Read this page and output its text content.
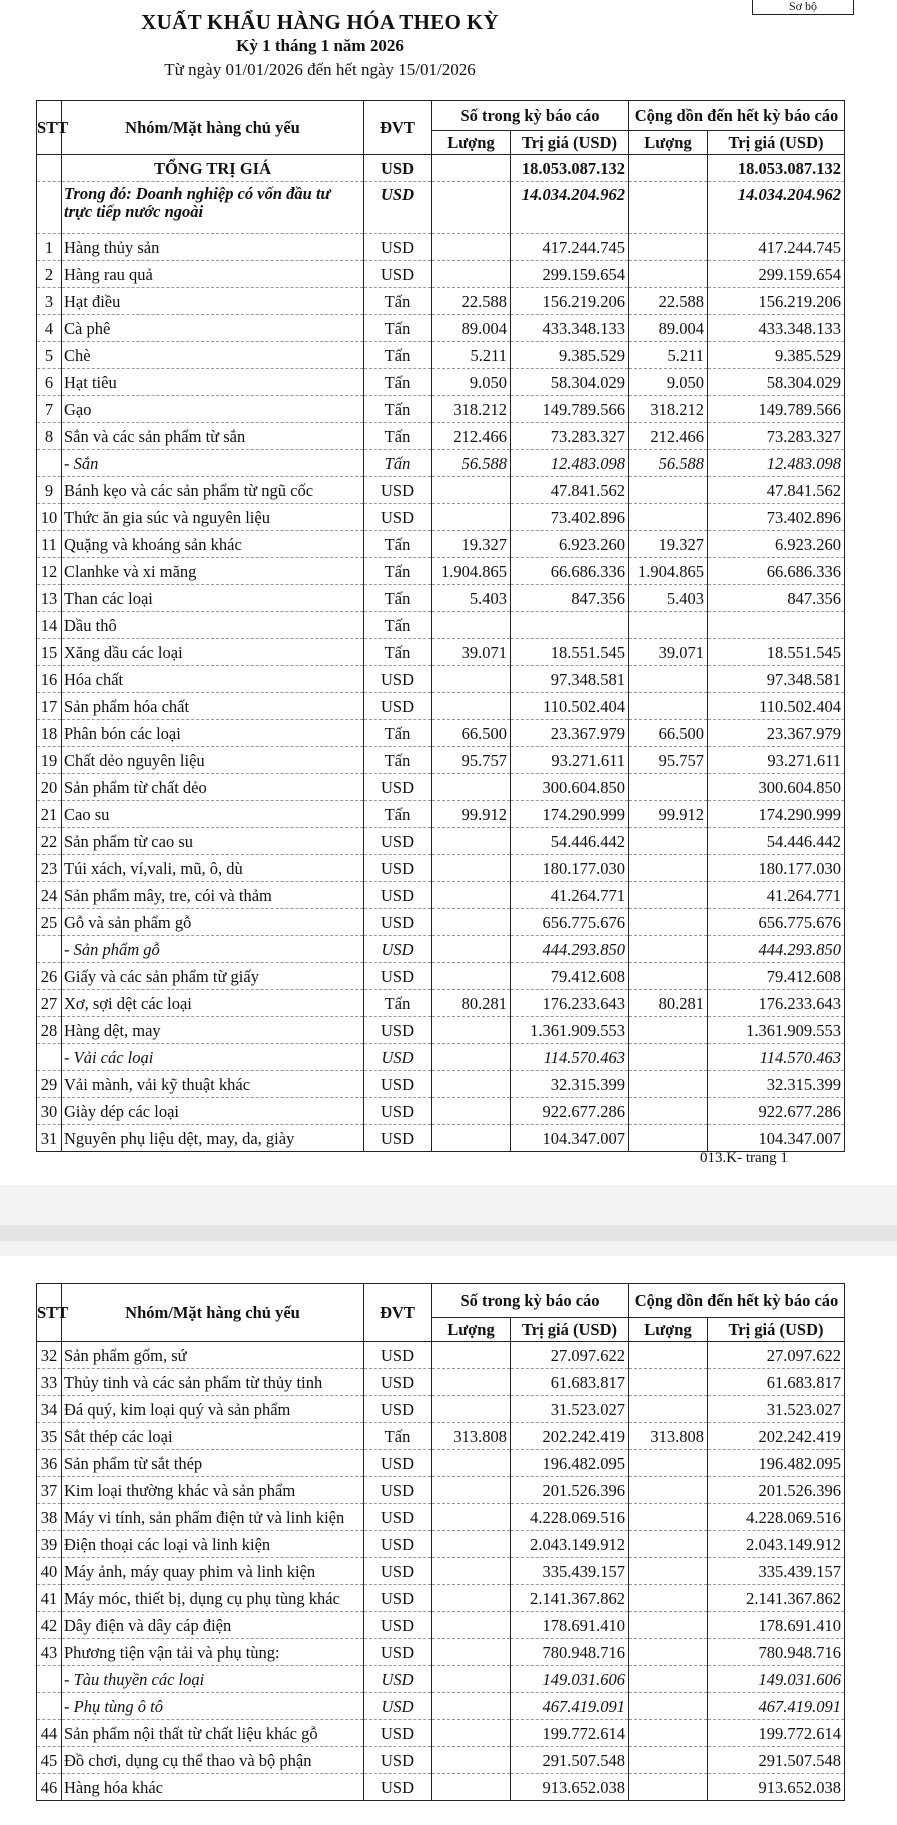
XUẤT KHẨU HÀNG HÓA THEO KỲ
Sơ bộ
Kỳ 1 tháng 1 năm 2026
Từ ngày 01/01/2026 đến hết ngày 15/01/2026
STT	Nhóm/Mặt hàng chủ yếu	ĐVT	Số trong kỳ báo cáo		Cộng dồn đến hết kỳ báo cáo	
			Lượng	Trị giá (USD)	Lượng	Trị giá (USD)
	TỔNG TRỊ GIÁ	USD		18.053.087.132		18.053.087.132
	Trong đó: Doanh nghiệp có vốn đầu tư trực tiếp nước ngoài	USD		14.034.204.962		14.034.204.962
1	Hàng thủy sản	USD		417.244.745		417.244.745
2	Hàng rau quả	USD		299.159.654		299.159.654
3	Hạt điều	Tấn	22.588	156.219.206	22.588	156.219.206
4	Cà phê	Tấn	89.004	433.348.133	89.004	433.348.133
5	Chè	Tấn	5.211	9.385.529	5.211	9.385.529
6	Hạt tiêu	Tấn	9.050	58.304.029	9.050	58.304.029
7	Gạo	Tấn	318.212	149.789.566	318.212	149.789.566
8	Sắn và các sản phẩm từ sắn	Tấn	212.466	73.283.327	212.466	73.283.327
	- Sắn	Tấn	56.588	12.483.098	56.588	12.483.098
9	Bánh kẹo và các sản phẩm từ ngũ cốc	USD		47.841.562		47.841.562
10	Thức ăn gia súc và nguyên liệu	USD		73.402.896		73.402.896
11	Quặng và khoáng sản khác	Tấn	19.327	6.923.260	19.327	6.923.260
12	Clanhke và xi măng	Tấn	1.904.865	66.686.336	1.904.865	66.686.336
13	Than các loại	Tấn	5.403	847.356	5.403	847.356
14	Dầu thô	Tấn				
15	Xăng dầu các loại	Tấn	39.071	18.551.545	39.071	18.551.545
16	Hóa chất	USD		97.348.581		97.348.581
17	Sản phẩm hóa chất	USD		110.502.404		110.502.404
18	Phân bón các loại	Tấn	66.500	23.367.979	66.500	23.367.979
19	Chất dẻo nguyên liệu	Tấn	95.757	93.271.611	95.757	93.271.611
20	Sản phẩm từ chất dẻo	USD		300.604.850		300.604.850
21	Cao su	Tấn	99.912	174.290.999	99.912	174.290.999
22	Sản phẩm từ cao su	USD		54.446.442		54.446.442
23	Túi xách, ví,vali, mũ, ô, dù	USD		180.177.030		180.177.030
24	Sản phẩm mây, tre, cói và thảm	USD		41.264.771		41.264.771
25	Gỗ và sản phẩm gỗ	USD		656.775.676		656.775.676
	- Sản phẩm gỗ	USD		444.293.850		444.293.850
26	Giấy và các sản phẩm từ giấy	USD		79.412.608		79.412.608
27	Xơ, sợi dệt các loại	Tấn	80.281	176.233.643	80.281	176.233.643
28	Hàng dệt, may	USD		1.361.909.553		1.361.909.553
	- Vải các loại	USD		114.570.463		114.570.463
29	Vải mành, vải kỹ thuật khác	USD		32.315.399		32.315.399
30	Giày dép các loại	USD		922.677.286		922.677.286
31	Nguyên phụ liệu dệt, may, da, giày	USD		104.347.007		104.347.007
013.K- trang 1
STT	Nhóm/Mặt hàng chủ yếu	ĐVT	Số trong kỳ báo cáo		Cộng dồn đến hết kỳ báo cáo	
			Lượng	Trị giá (USD)	Lượng	Trị giá (USD)
32	Sản phẩm gốm, sứ	USD		27.097.622		27.097.622
33	Thủy tinh và các sản phẩm từ thủy tinh	USD		61.683.817		61.683.817
34	Đá quý, kim loại quý và sản phẩm	USD		31.523.027		31.523.027
35	Sắt thép các loại	Tấn	313.808	202.242.419	313.808	202.242.419
36	Sản phẩm từ sắt thép	USD		196.482.095		196.482.095
37	Kim loại thường khác và sản phẩm	USD		201.526.396		201.526.396
38	Máy vi tính, sản phẩm điện tử và linh kiện	USD		4.228.069.516		4.228.069.516
39	Điện thoại các loại và linh kiện	USD		2.043.149.912		2.043.149.912
40	Máy ảnh, máy quay phim và linh kiện	USD		335.439.157		335.439.157
41	Máy móc, thiết bị, dụng cụ phụ tùng khác	USD		2.141.367.862		2.141.367.862
42	Dây điện và dây cáp điện	USD		178.691.410		178.691.410
43	Phương tiện vận tải và phụ tùng:	USD		780.948.716		780.948.716
	- Tàu thuyền các loại	USD		149.031.606		149.031.606
	- Phụ tùng ô tô	USD		467.419.091		467.419.091
44	Sản phẩm nội thất từ chất liệu khác gỗ	USD		199.772.614		199.772.614
45	Đồ chơi, dụng cụ thể thao và bộ phận	USD		291.507.548		291.507.548
46	Hàng hóa khác	USD		913.652.038		913.652.038
